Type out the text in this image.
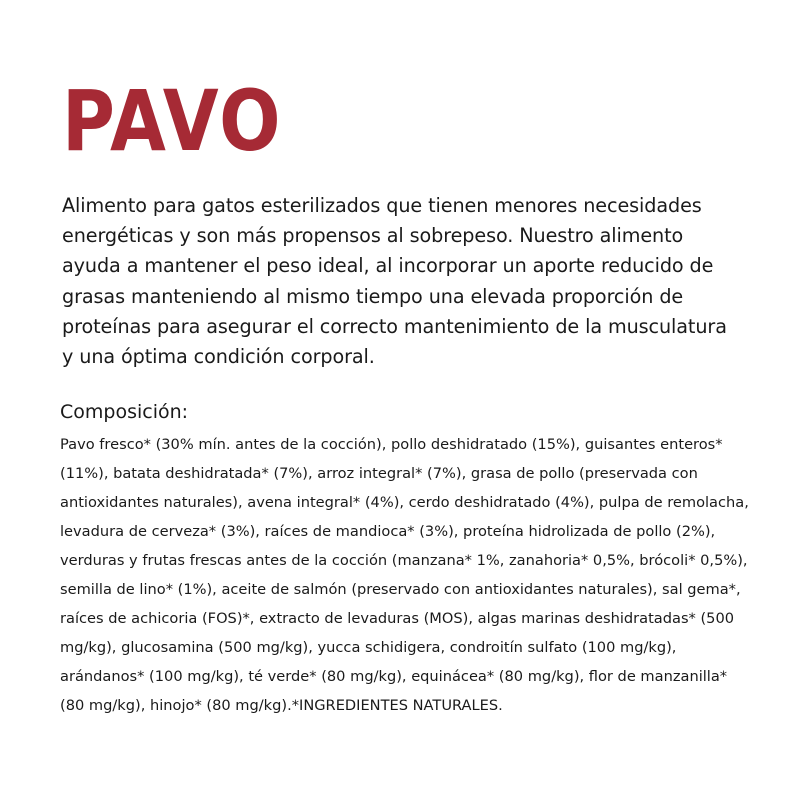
PAVO

Alimento para gatos esterilizados que tienen menores necesidades energéticas y son más propensos al sobrepeso. Nuestro alimento ayuda a mantener el peso ideal, al incorporar un aporte reducido de grasas manteniendo al mismo tiempo una elevada proporción de proteínas para asegurar el correcto mantenimiento de la musculatura y una óptima condición corporal.

Composición:

Pavo fresco* (30% mín. antes de la cocción), pollo deshidratado (15%), guisantes enteros* (11%), batata deshidratada* (7%), arroz integral* (7%), grasa de pollo (preservada con antioxidantes naturales), avena integral* (4%), cerdo deshidratado (4%), pulpa de remolacha, levadura de cerveza* (3%), raíces de mandioca* (3%), proteína hidrolizada de pollo (2%), verduras y frutas frescas antes de la cocción (manzana* 1%, zanahoria* 0,5%, brócoli* 0,5%), semilla de lino* (1%), aceite de salmón (preservado con antioxidantes naturales), sal gema*, raíces de achicoria (FOS)*, extracto de levaduras (MOS), algas marinas deshidratadas* (500 mg/kg), glucosamina (500 mg/kg), yucca schidigera, condroitín sulfato (100 mg/kg), arándanos* (100 mg/kg), té verde* (80 mg/kg), equinácea* (80 mg/kg), flor de manzanilla* (80 mg/kg), hinojo* (80 mg/kg).*INGREDIENTES NATURALES.
